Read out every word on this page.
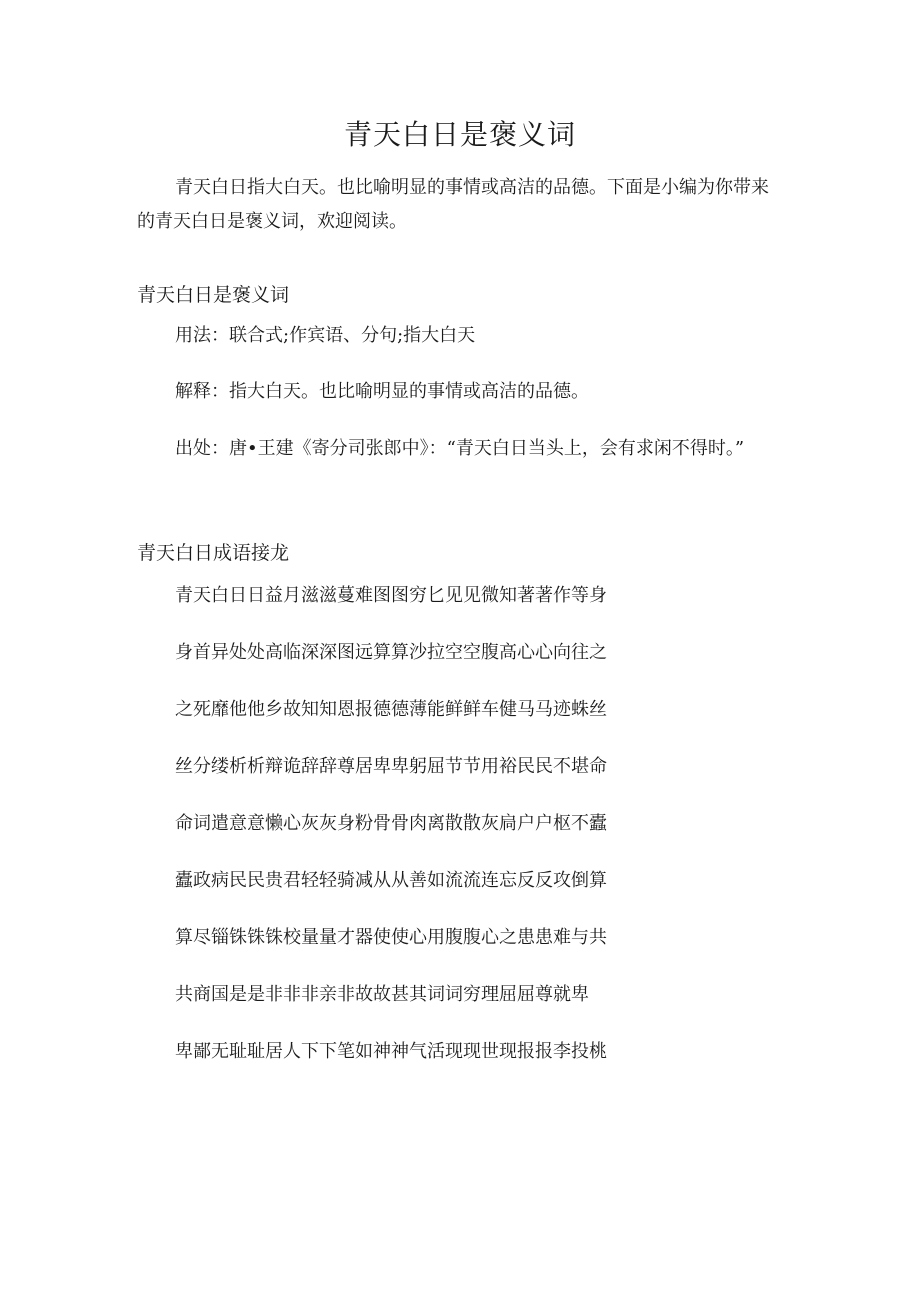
青天白日是褒义词

青天白日指大白天。也比喻明显的事情或高洁的品德。下面是小编为你带来的青天白日是褒义词，欢迎阅读。

青天白日是褒义词

用法：联合式;作宾语、分句;指大白天

解释：指大白天。也比喻明显的事情或高洁的品德。

出处：唐•王建《寄分司张郎中》：“青天白日当头上，会有求闲不得时。”

青天白日成语接龙
青天白日日益月滋滋蔓难图图穷匕见见微知著著作等身
身首异处处高临深深图远算算沙拉空空腹高心心向往之
之死靡他他乡故知知恩报德德薄能鲜鲜车健马马迹蛛丝
丝分缕析析辩诡辞辞尊居卑卑躬屈节节用裕民民不堪命
命词遣意意懒心灰灰身粉骨骨肉离散散灰扃户户枢不蠹
蠹政病民民贵君轻轻骑减从从善如流流连忘反反攻倒算
算尽锱铢铢铢校量量才器使使心用腹腹心之患患难与共
共商国是是非非非亲非故故甚其词词穷理屈屈尊就卑
卑鄙无耻耻居人下下笔如神神气活现现世现报报李投桃
